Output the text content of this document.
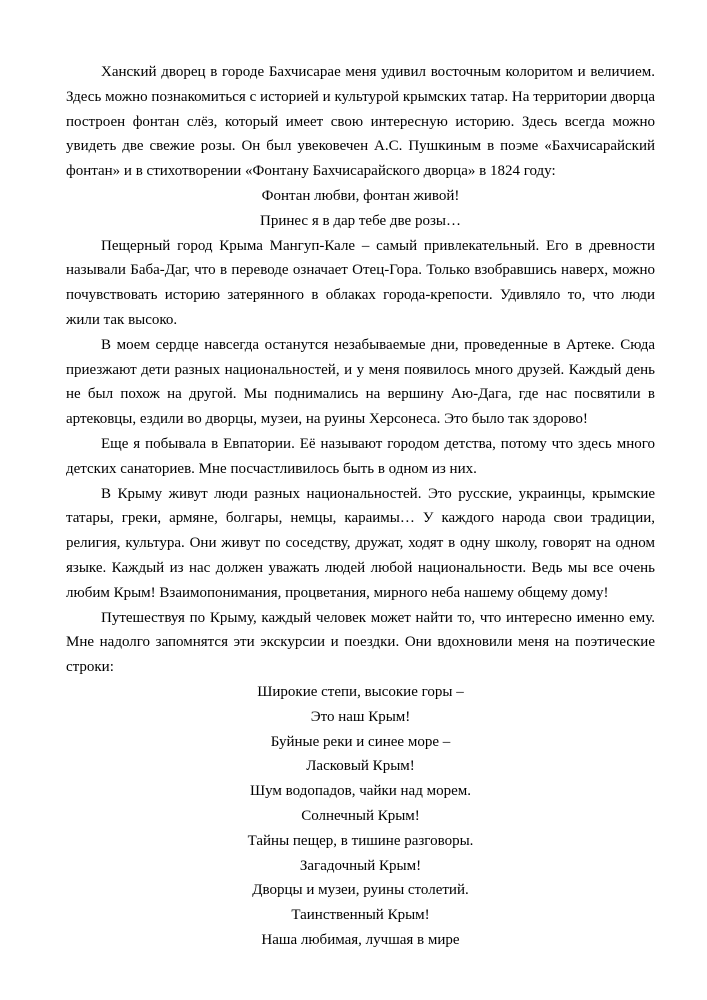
Ханский дворец в городе Бахчисарае меня удивил восточным колоритом и величием. Здесь можно познакомиться с историей и культурой крымских татар. На территории дворца построен фонтан слёз, который имеет свою интересную историю. Здесь всегда можно увидеть две свежие розы. Он был увековечен А.С. Пушкиным в поэме «Бахчисарайский фонтан» и в стихотворении «Фонтану Бахчисарайского дворца» в 1824 году:

Фонтан любви, фонтан живой!
Принес я в дар тебе две розы…

Пещерный город Крыма Мангуп-Кале – самый привлекательный. Его в древности называли Баба-Даг, что в переводе означает Отец-Гора. Только взобравшись наверх, можно почувствовать историю затерянного в облаках города-крепости. Удивляло то, что люди жили так высоко.

В моем сердце навсегда останутся незабываемые дни, проведенные в Артеке. Сюда приезжают дети разных национальностей, и у меня появилось много друзей. Каждый день не был похож на другой. Мы поднимались на вершину Аю-Дага, где нас посвятили в артековцы, ездили во дворцы, музеи, на руины Херсонеса. Это было так здорово!

Еще я побывала в Евпатории. Её называют городом детства, потому что здесь много детских санаториев. Мне посчастливилось быть в одном из них.

В Крыму живут люди разных национальностей. Это русские, украинцы, крымские татары, греки, армяне, болгары, немцы, караимы… У каждого народа свои традиции, религия, культура. Они живут по соседству, дружат, ходят в одну школу, говорят на одном языке. Каждый из нас должен уважать людей любой национальности. Ведь мы все очень любим Крым! Взаимопонимания, процветания, мирного неба нашему общему дому!

Путешествуя по Крыму, каждый человек может найти то, что интересно именно ему. Мне надолго запомнятся эти экскурсии и поездки. Они вдохновили меня на поэтические строки:

Широкие степи, высокие горы –
Это наш Крым!
Буйные реки и синее море –
Ласковый Крым!
Шум водопадов, чайки над морем.
Солнечный Крым!
Тайны пещер, в тишине разговоры.
Загадочный Крым!
Дворцы и музеи, руины столетий.
Таинственный Крым!
Наша любимая, лучшая в мире
